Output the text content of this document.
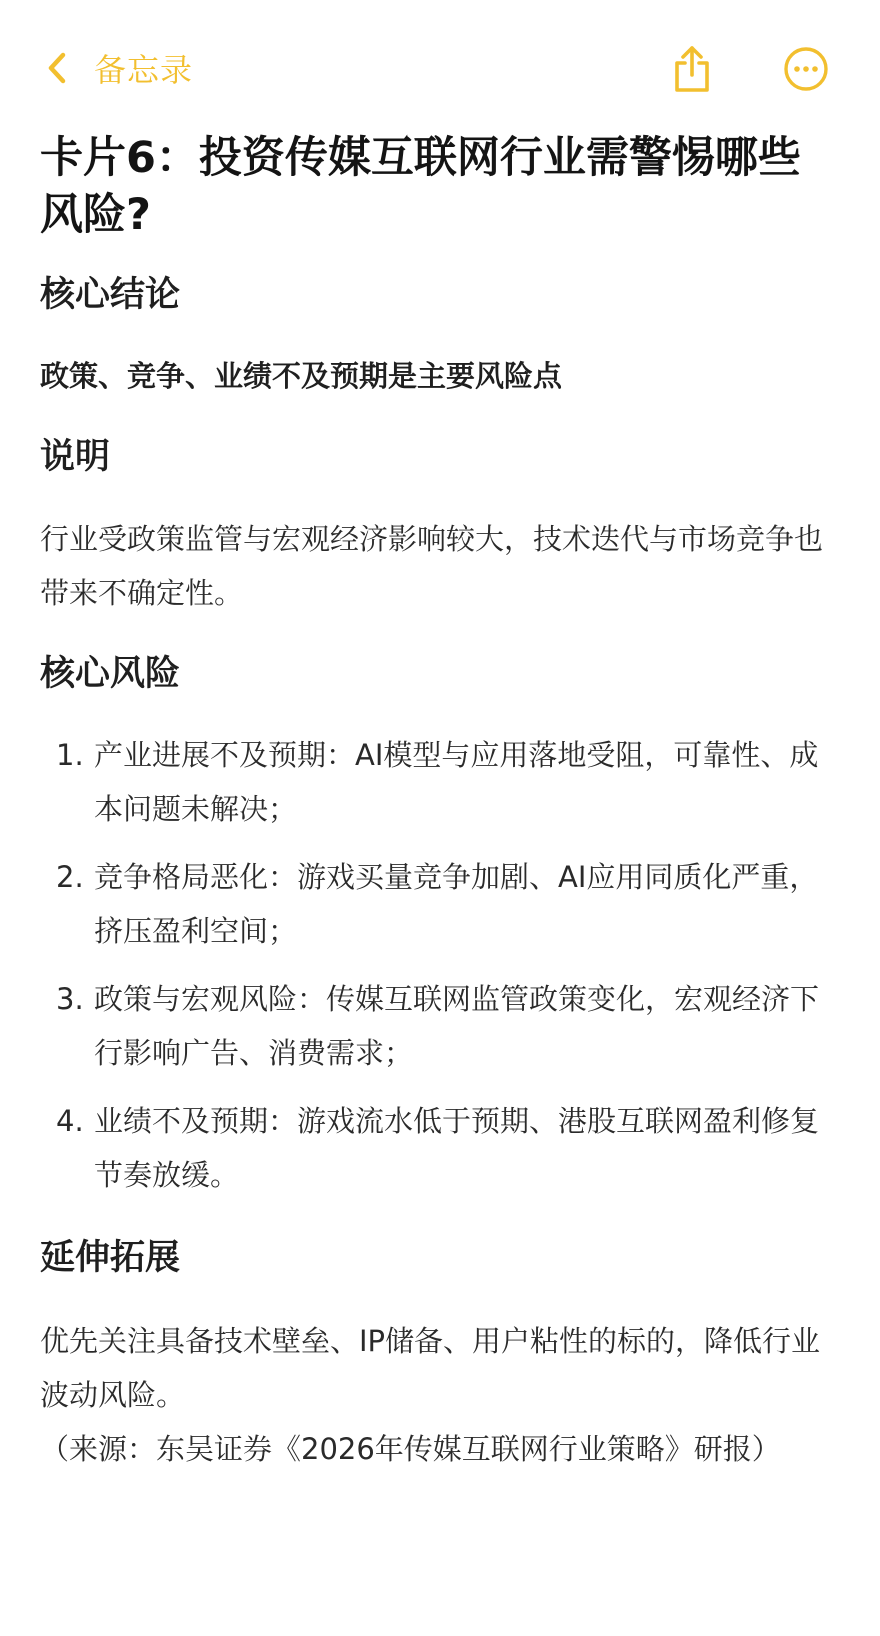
备忘录
卡片6：投资传媒互联网行业需警惕哪些风险?
核心结论

政策、竞争、业绩不及预期是主要风险点

说明

行业受政策监管与宏观经济影响较大，技术迭代与市场竞争也带来不确定性。

核心风险
1. 产业进展不及预期：AI模型与应用落地受阻，可靠性、成本问题未解决；
2. 竞争格局恶化：游戏买量竞争加剧、AI应用同质化严重，挤压盈利空间；
3. 政策与宏观风险：传媒互联网监管政策变化，宏观经济下行影响广告、消费需求；
4. 业绩不及预期：游戏流水低于预期、港股互联网盈利修复节奏放缓。
延伸拓展

优先关注具备技术壁垒、IP储备、用户粘性的标的，降低行业波动风险。

（来源：东吴证券《2026年传媒互联网行业策略》研报）
